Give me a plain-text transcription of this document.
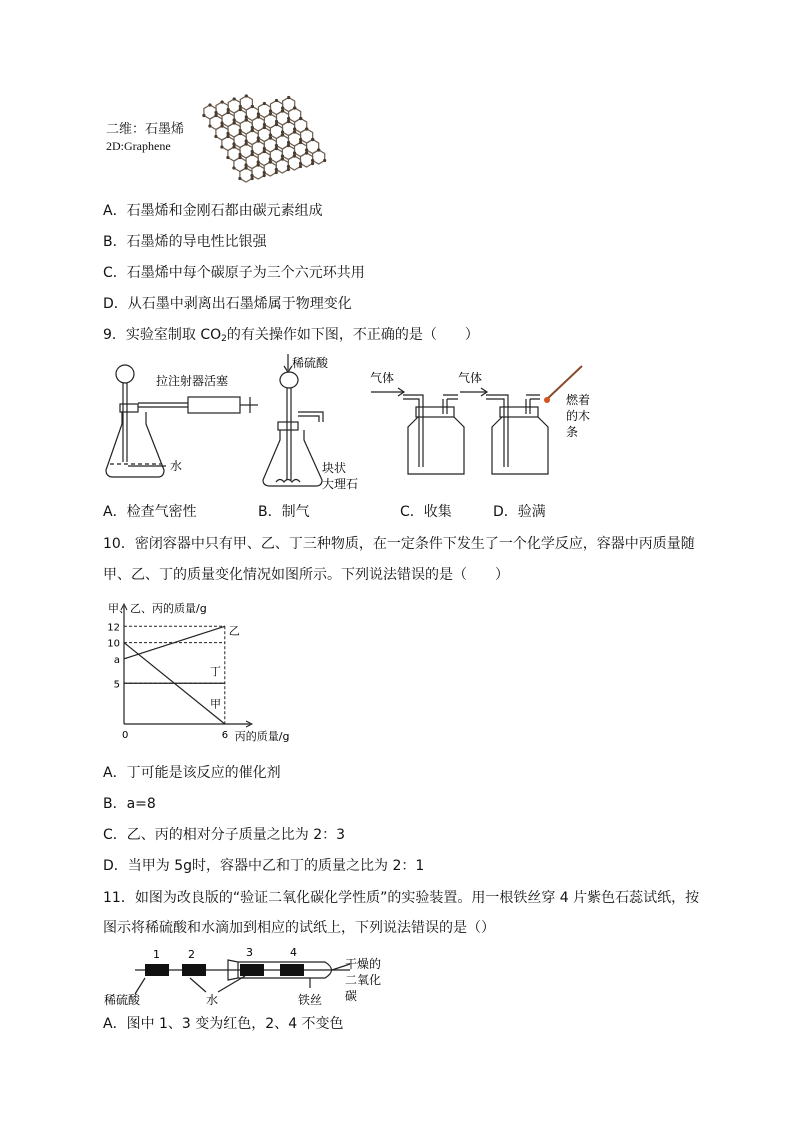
二维：石墨烯
2D:Graphene
A．石墨烯和金刚石都由碳元素组成
B．石墨烯的导电性比银强
C．石墨烯中每个碳原子为三个六元环共用
D．从石墨中剥离出石墨烯属于物理变化
9．实验室制取 $CO_2$的有关操作如下图，不正确的是（　　）
拉注射器活塞
水
稀硫酸
块状
大理石
气体	气体
燃着
的木
条
A．检查气密性	B．制气	C．收集	D．验满
10．密闭容器中只有甲、乙、丁三种物质，在一定条件下发生了一个化学反应，容器中丙质量随
甲、乙、丁的质量变化情况如图所示。下列说法错误的是（　　）
12
10
a
5
乙
甲
丁
0	6
甲、乙、丙的质量/g
丙的质量/g
A．丁可能是该反应的催化剂
B．a=8
C．乙、丙的相对分子质量之比为 2：3
D．当甲为 5g时，容器中乙和丁的质量之比为 2：1
11．如图为改良版的“验证二氧化碳化学性质”的实验装置。用一根铁丝穿 4 片紫色石蕊试纸，按
图示将稀硫酸和水滴加到相应的试纸上，下列说法错误的是（）
1	2	3	4
稀硫酸	水	铁丝
干燥的
二氧化
碳
A．图中 1、3 变为红色，2、4 不变色
